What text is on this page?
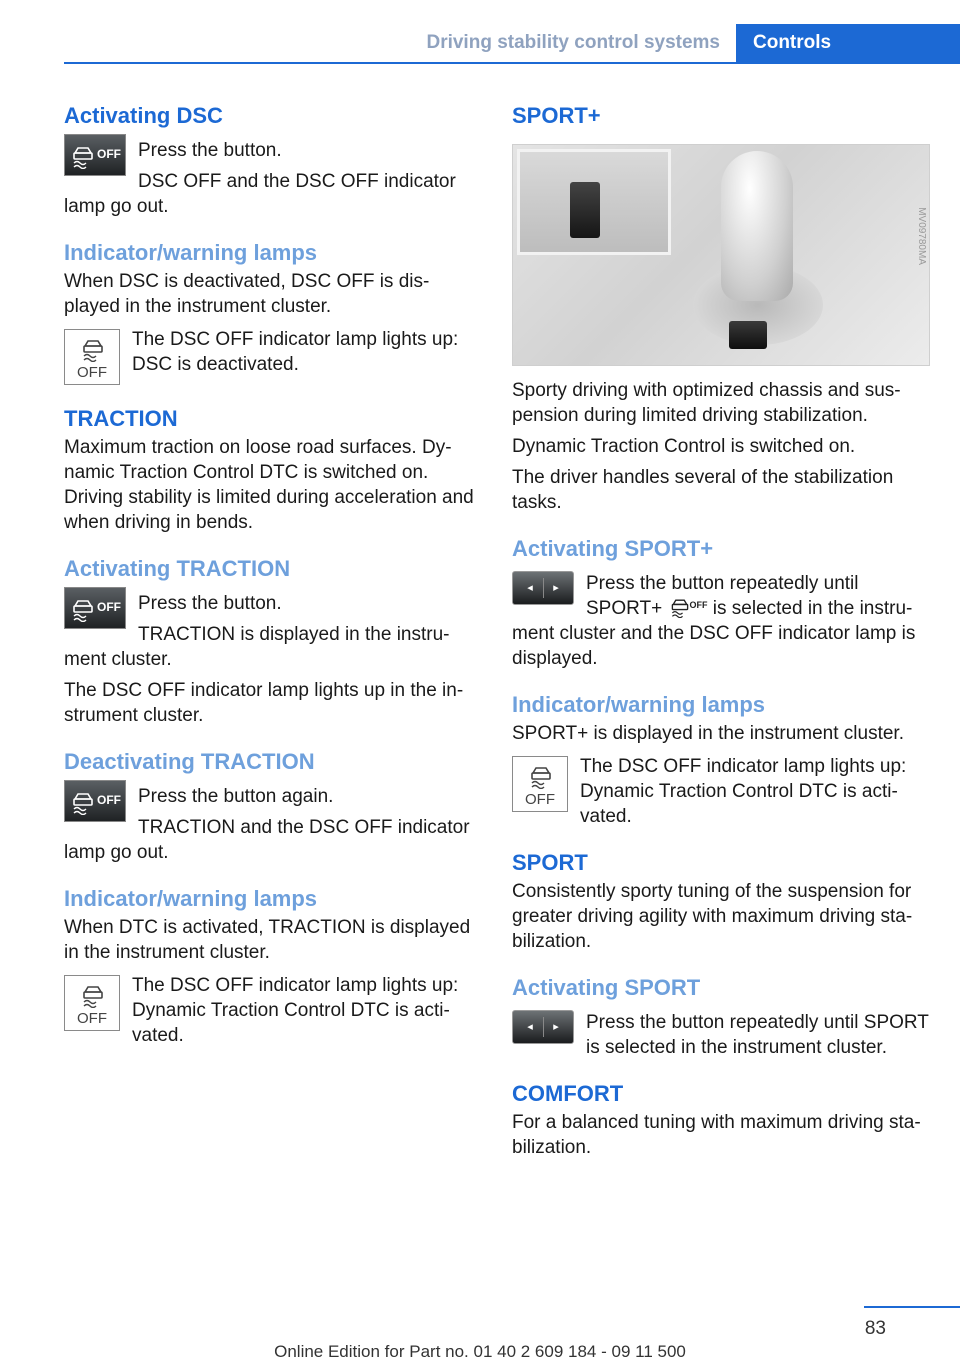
Driving stability control systems	Controls
Activating DSC
OFF Press the button.

DSC OFF and the DSC OFF indicator lamp go out.

Indicator/warning lamps

When DSC is deactivated, DSC OFF is dis-played in the instrument cluster.

OFF

The DSC OFF indicator lamp lights up: DSC is deactivated.

TRACTION

Maximum traction on loose road surfaces. Dy-namic Traction Control DTC is switched on. Driving stability is limited during acceleration and when driving in bends.

Activating TRACTION
OFF Press the button.

TRACTION is displayed in the instru-ment cluster.

The DSC OFF indicator lamp lights up in the in-strument cluster.

Deactivating TRACTION
OFF Press the button again.

TRACTION and the DSC OFF indicator lamp go out.

Indicator/warning lamps

When DTC is activated, TRACTION is displayed in the instrument cluster.

OFF

The DSC OFF indicator lamp lights up: Dynamic Traction Control DTC is acti-vated.

SPORT+
MV09780MA

Sporty driving with optimized chassis and sus-pension during limited driving stabilization.

Dynamic Traction Control is switched on.

The driver handles several of the stabilization tasks.

Activating SPORT+
◂	▸	Press the button repeatedly until SPORT+	OFF is selected in the instru-ment cluster and the DSC OFF indicator lamp is displayed.

Indicator/warning lamps

SPORT+ is displayed in the instrument cluster.

OFF

The DSC OFF indicator lamp lights up: Dynamic Traction Control DTC is acti-vated.

SPORT

Consistently sporty tuning of the suspension for greater driving agility with maximum driving sta-bilization.

Activating SPORT
◂	▸	Press the button repeatedly until SPORT is selected in the instrument cluster.

COMFORT

For a balanced tuning with maximum driving sta-bilization.

83
Online Edition for Part no. 01 40 2 609 184 - 09 11 500
